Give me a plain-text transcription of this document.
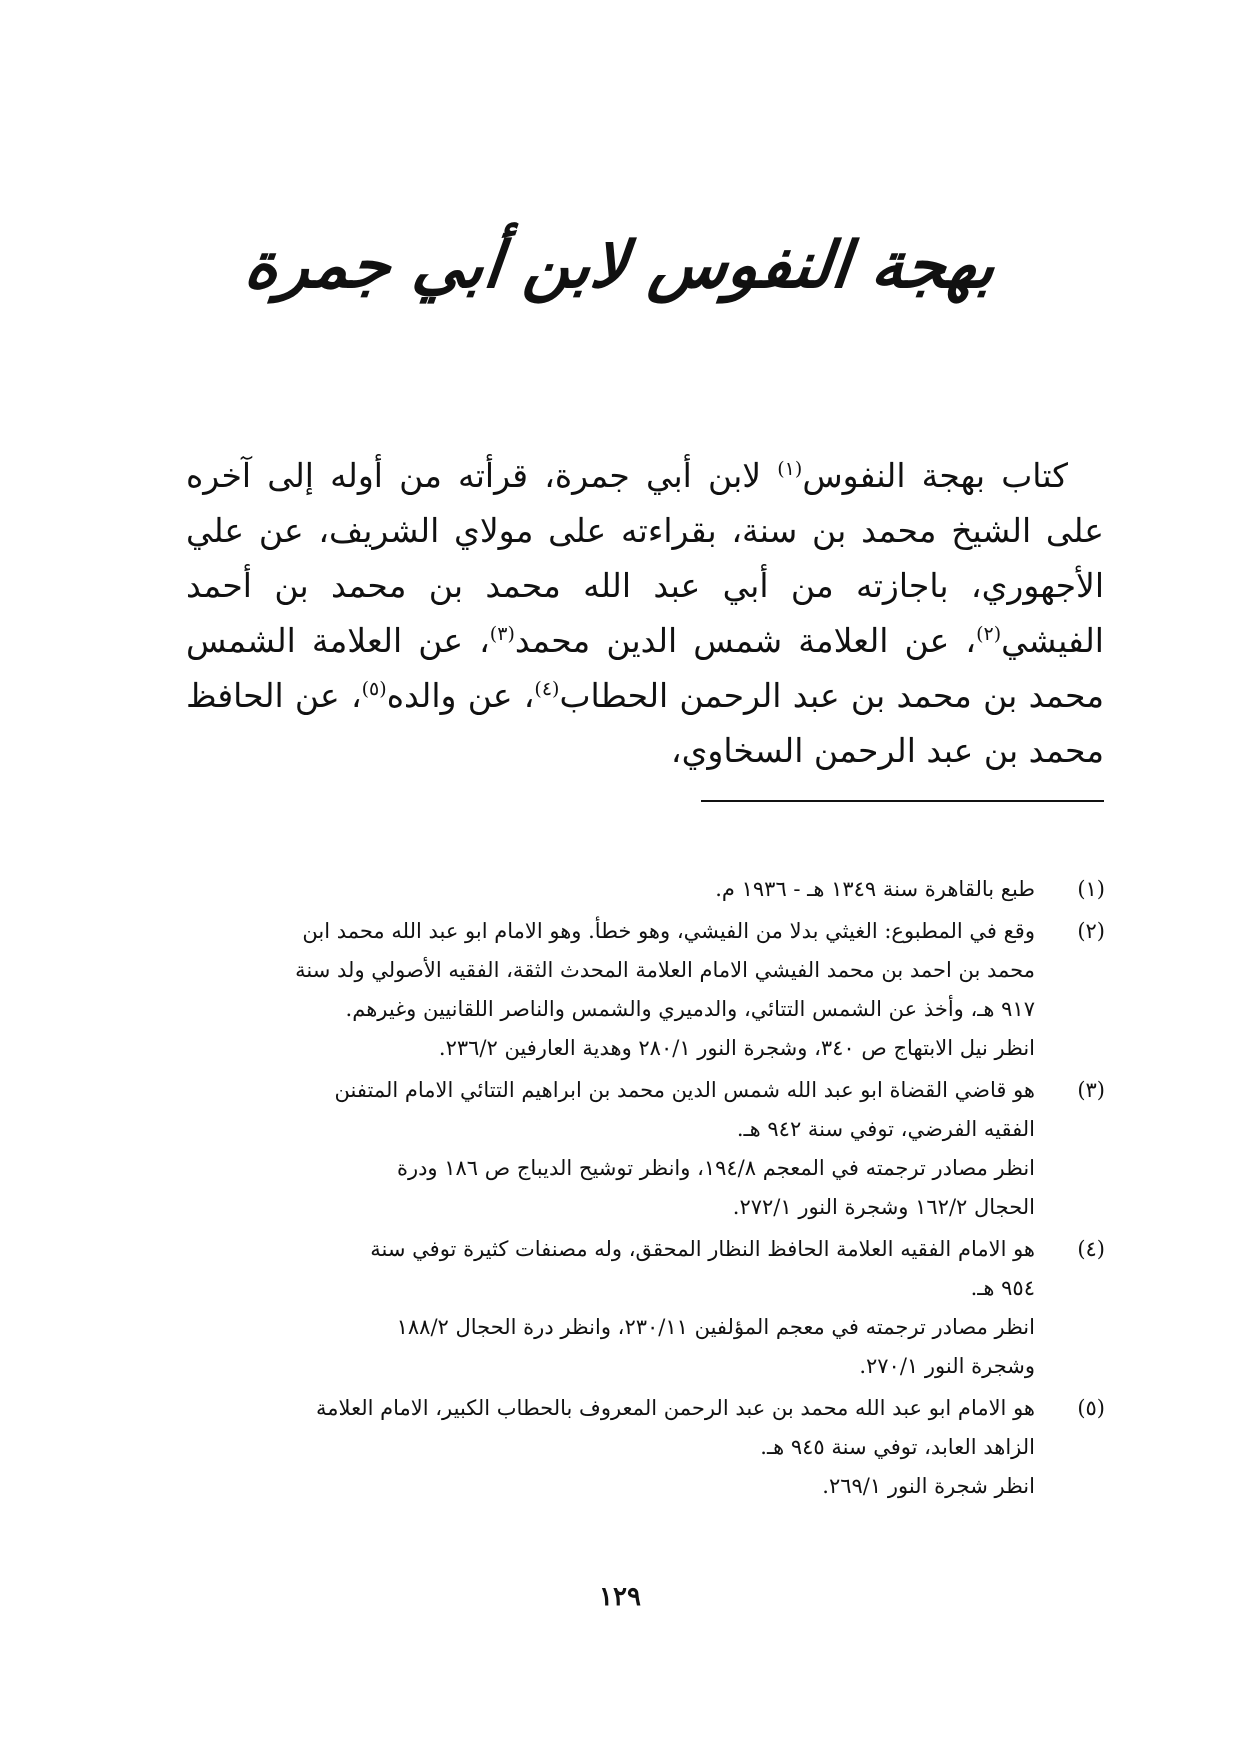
بهجة النفوس لابن أبي جمرة

كتاب بهجة النفوس$^{(١)}$ لابن أبي جمرة، قرأته من أوله إلى آخره على الشيخ محمد بن سنة، بقراءته على مولاي الشريف، عن علي الأجهوري، باجازته من أبي عبد الله محمد بن محمد بن أحمد الفيشي$^{(٢)}$، عن العلامة شمس الدين محمد$^{(٣)}$، عن العلامة الشمس محمد بن محمد بن عبد الرحمن الحطاب$^{(٤)}$، عن والده$^{(٥)}$، عن الحافظ محمد بن عبد الرحمن السخاوي،

(١)
طبع بالقاهرة سنة ١٣٤٩ هـ - ١٩٣٦ م.
(٢)
وقع في المطبوع: الغيثي بدلا من الفيشي، وهو خطأ. وهو الامام ابو عبد الله محمد ابن
محمد بن احمد بن محمد الفيشي الامام العلامة المحدث الثقة، الفقيه الأصولي ولد سنة
٩١٧ هـ، وأخذ عن الشمس التتائي، والدميري والشمس والناصر اللقانيين وغيرهم.
انظر نيل الابتهاج ص ٣٤٠، وشجرة النور ٢٨٠/١ وهدية العارفين ٢٣٦/٢.
(٣)
هو قاضي القضاة ابو عبد الله شمس الدين محمد بن ابراهيم التتائي الامام المتفنن
الفقيه الفرضي، توفي سنة ٩٤٢ هـ.
انظر مصادر ترجمته في المعجم ١٩٤/٨، وانظر توشيح الديباج ص ١٨٦ ودرة
الحجال ١٦٢/٢ وشجرة النور ٢٧٢/١.
(٤)
هو الامام الفقيه العلامة الحافظ النظار المحقق، وله مصنفات كثيرة توفي سنة
٩٥٤ هـ.
انظر مصادر ترجمته في معجم المؤلفين ٢٣٠/١١، وانظر درة الحجال ١٨٨/٢
وشجرة النور ٢٧٠/١.
(٥)
هو الامام ابو عبد الله محمد بن عبد الرحمن المعروف بالحطاب الكبير، الامام العلامة
الزاهد العابد، توفي سنة ٩٤٥ هـ.
انظر شجرة النور ٢٦٩/١.
١٢٩
